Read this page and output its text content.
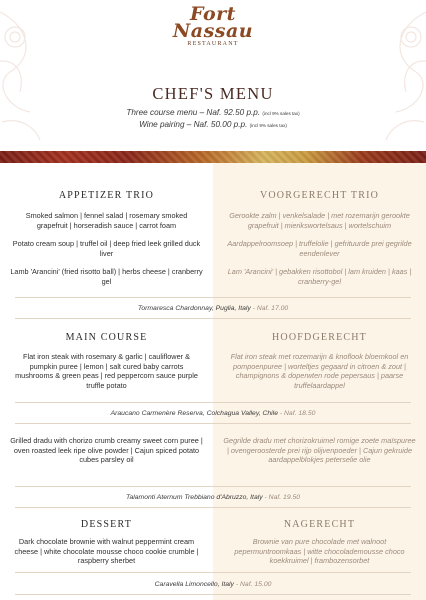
Fort
Nassau
RESTAURANT
CHEF'S MENU
Three course menu – Naf. 92.50 p.p. (incl 9% sales tax)
Wine pairing – Naf. 50.00 p.p. (incl 9% sales tax)
APPETIZER TRIO	VOORGERECHT TRIO
Smoked salmon | fennel salad | rosemary smoked grapefruit | horseradish sauce | carrot foam
Gerookte zalm | venkelsalade | met rozemarijn gerookte grapefruit | mierikswortelsaus | wortelschuim
Potato cream soup | truffel oil | deep fried leek grilled duck liver
Aardappelroomsoep | truffelolie | gefrituurde prei gegrilde eendenlever
Lamb 'Arancini' (fried risotto ball) | herbs cheese | cranberry gel
Lam 'Arancini' | gebakken risottobol | lam kruiden | kaas | cranberry-gel
Tormaresca Chardonnay, Puglia, Italy - Naf. 17.00
MAIN COURSE	HOOFDGERECHT
Flat iron steak with rosemary & garlic | cauliflower & pumpkin puree | lemon | salt cured baby carrots mushrooms & green peas | red peppercorn sauce purple truffle potato
Flat iron steak met rozemarijn & knoflook bloemkool en pompoenpuree | worteltjes gegaard in citroen & zout | champignons & doperwten rode pepersaus | paarse truffelaardappel
Araucano Carmenère Reserva, Colchagua Valley, Chile - Naf. 18.50
Grilled dradu with chorizo crumb creamy sweet corn puree | oven roasted leek ripe olive powder | Cajun spiced potato cubes parsley oil
Gegrilde dradu met chorizokruimel romige zoete maïspuree | ovengeroosterde prei rijp olijvenpoeder | Cajun gekruide aardappelblokjes peterselie olie
Talamonti Aternum Trebbiano d'Abruzzo, Italy - Naf. 19.50
DESSERT	NAGERECHT
Dark chocolate brownie with walnut peppermint cream cheese | white chocolate mousse choco cookie crumble | raspberry sherbet
Brownie van pure chocolade met walnoot pepermuntroomkaas | witte chocolademousse choco koekkruimel | frambozensorbet
Caravella Limoncello, Italy - Naf. 15.00
